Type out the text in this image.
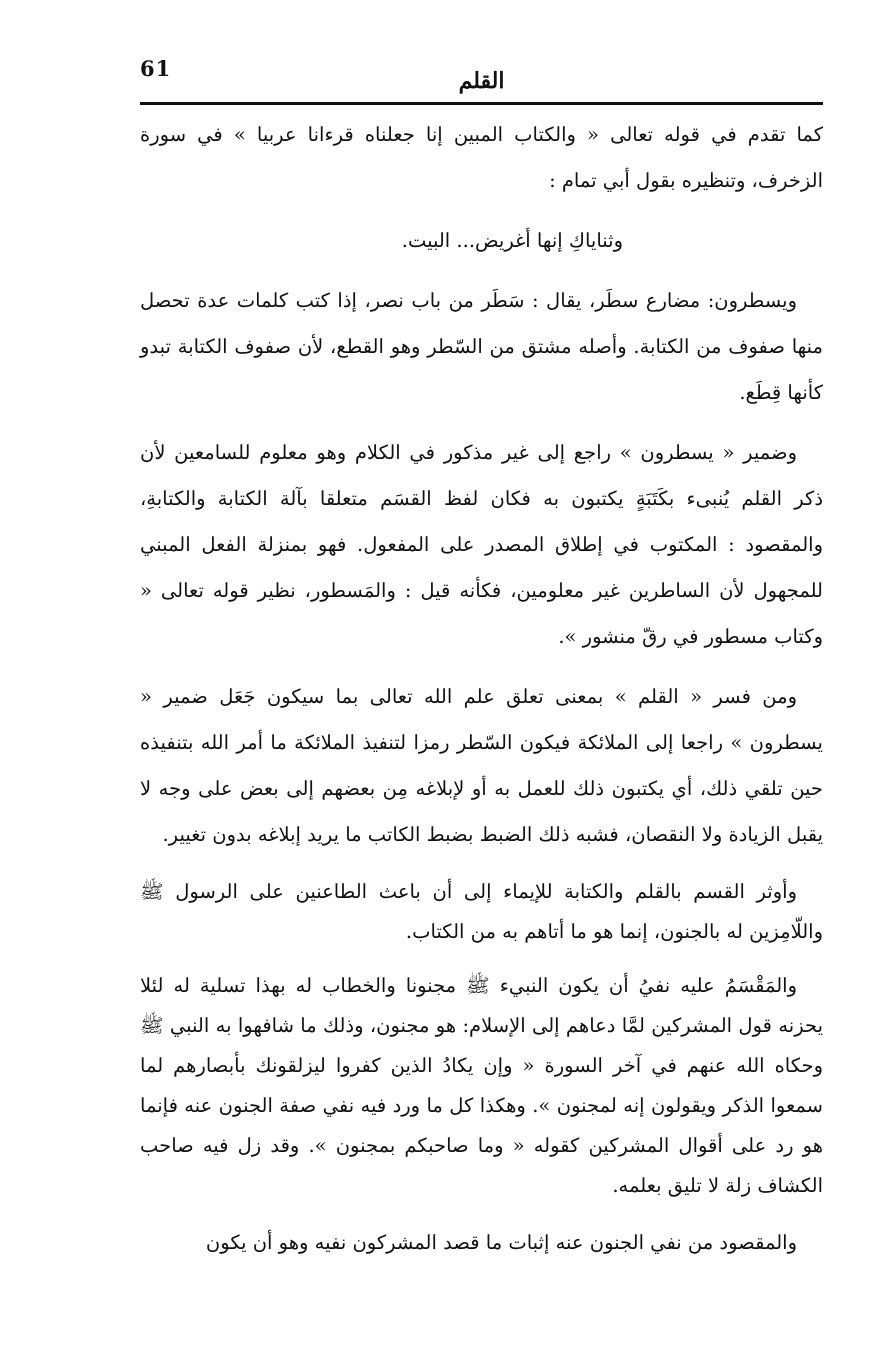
61	القلم

كما تقدم في قوله تعالى « والكتاب المبين إنا جعلناه قرءانا عربيا » في سورة الزخرف، وتنظيره بقول أبي تمام :

وثناياكِ إنها أغريض... البيت.

ويسطرون: مضارع سطَر، يقال : سَطَر من باب نصر، إذا كتب كلمات عدة تحصل منها صفوف من الكتابة. وأصله مشتق من السّطر وهو القطع، لأن صفوف الكتابة تبدو كأنها قِطَع.

وضمير « يسطرون » راجع إلى غير مذكور في الكلام وهو معلوم للسامعين لأن ذكر القلم يُنبىء بكَتَبَةٍ يكتبون به فكان لفظ القسَم متعلقا بآلة الكتابة والكتابةِ، والمقصود : المكتوب في إطلاق المصدر على المفعول. فهو بمنزلة الفعل المبني للمجهول لأن الساطرين غير معلومين، فكأنه قيل : والمَسطور، نظير قوله تعالى « وكتاب مسطور في رقّ منشور ».

ومن فسر « القلم » بمعنى تعلق علم الله تعالى بما سيكون جَعَل ضمير « يسطرون » راجعا إلى الملائكة فيكون السّطر رمزا لتنفيذ الملائكة ما أمر الله بتنفيذه حين تلقي ذلك، أي يكتبون ذلك للعمل به أو لإبلاغه مِن بعضهم إلى بعض على وجه لا يقبل الزيادة ولا النقصان، فشبه ذلك الضبط بضبط الكاتب ما يريد إبلاغه بدون تغيير.

وأوثر القسم بالقلم والكتابة للإيماء إلى أن باعث الطاعنين على الرسول ﷺ واللّامِزين له بالجنون، إنما هو ما أتاهم به من الكتاب.

والمَقْسَمُ عليه نفيُ أن يكون النبيء ﷺ مجنونا والخطاب له بهذا تسلية له لئلا يحزنه قول المشركين لمَّا دعاهم إلى الإسلام: هو مجنون، وذلك ما شافهوا به النبي ﷺ وحكاه الله عنهم في آخر السورة « وإن يكادُ الذين كفروا ليزلقونك بأبصارهم لما سمعوا الذكر ويقولون إنه لمجنون ». وهكذا كل ما ورد فيه نفي صفة الجنون عنه فإنما هو رد على أقوال المشركين كقوله « وما صاحبكم بمجنون ». وقد زل فيه صاحب الكشاف زلة لا تليق بعلمه.

والمقصود من نفي الجنون عنه إثبات ما قصد المشركون نفيه وهو أن يكون
